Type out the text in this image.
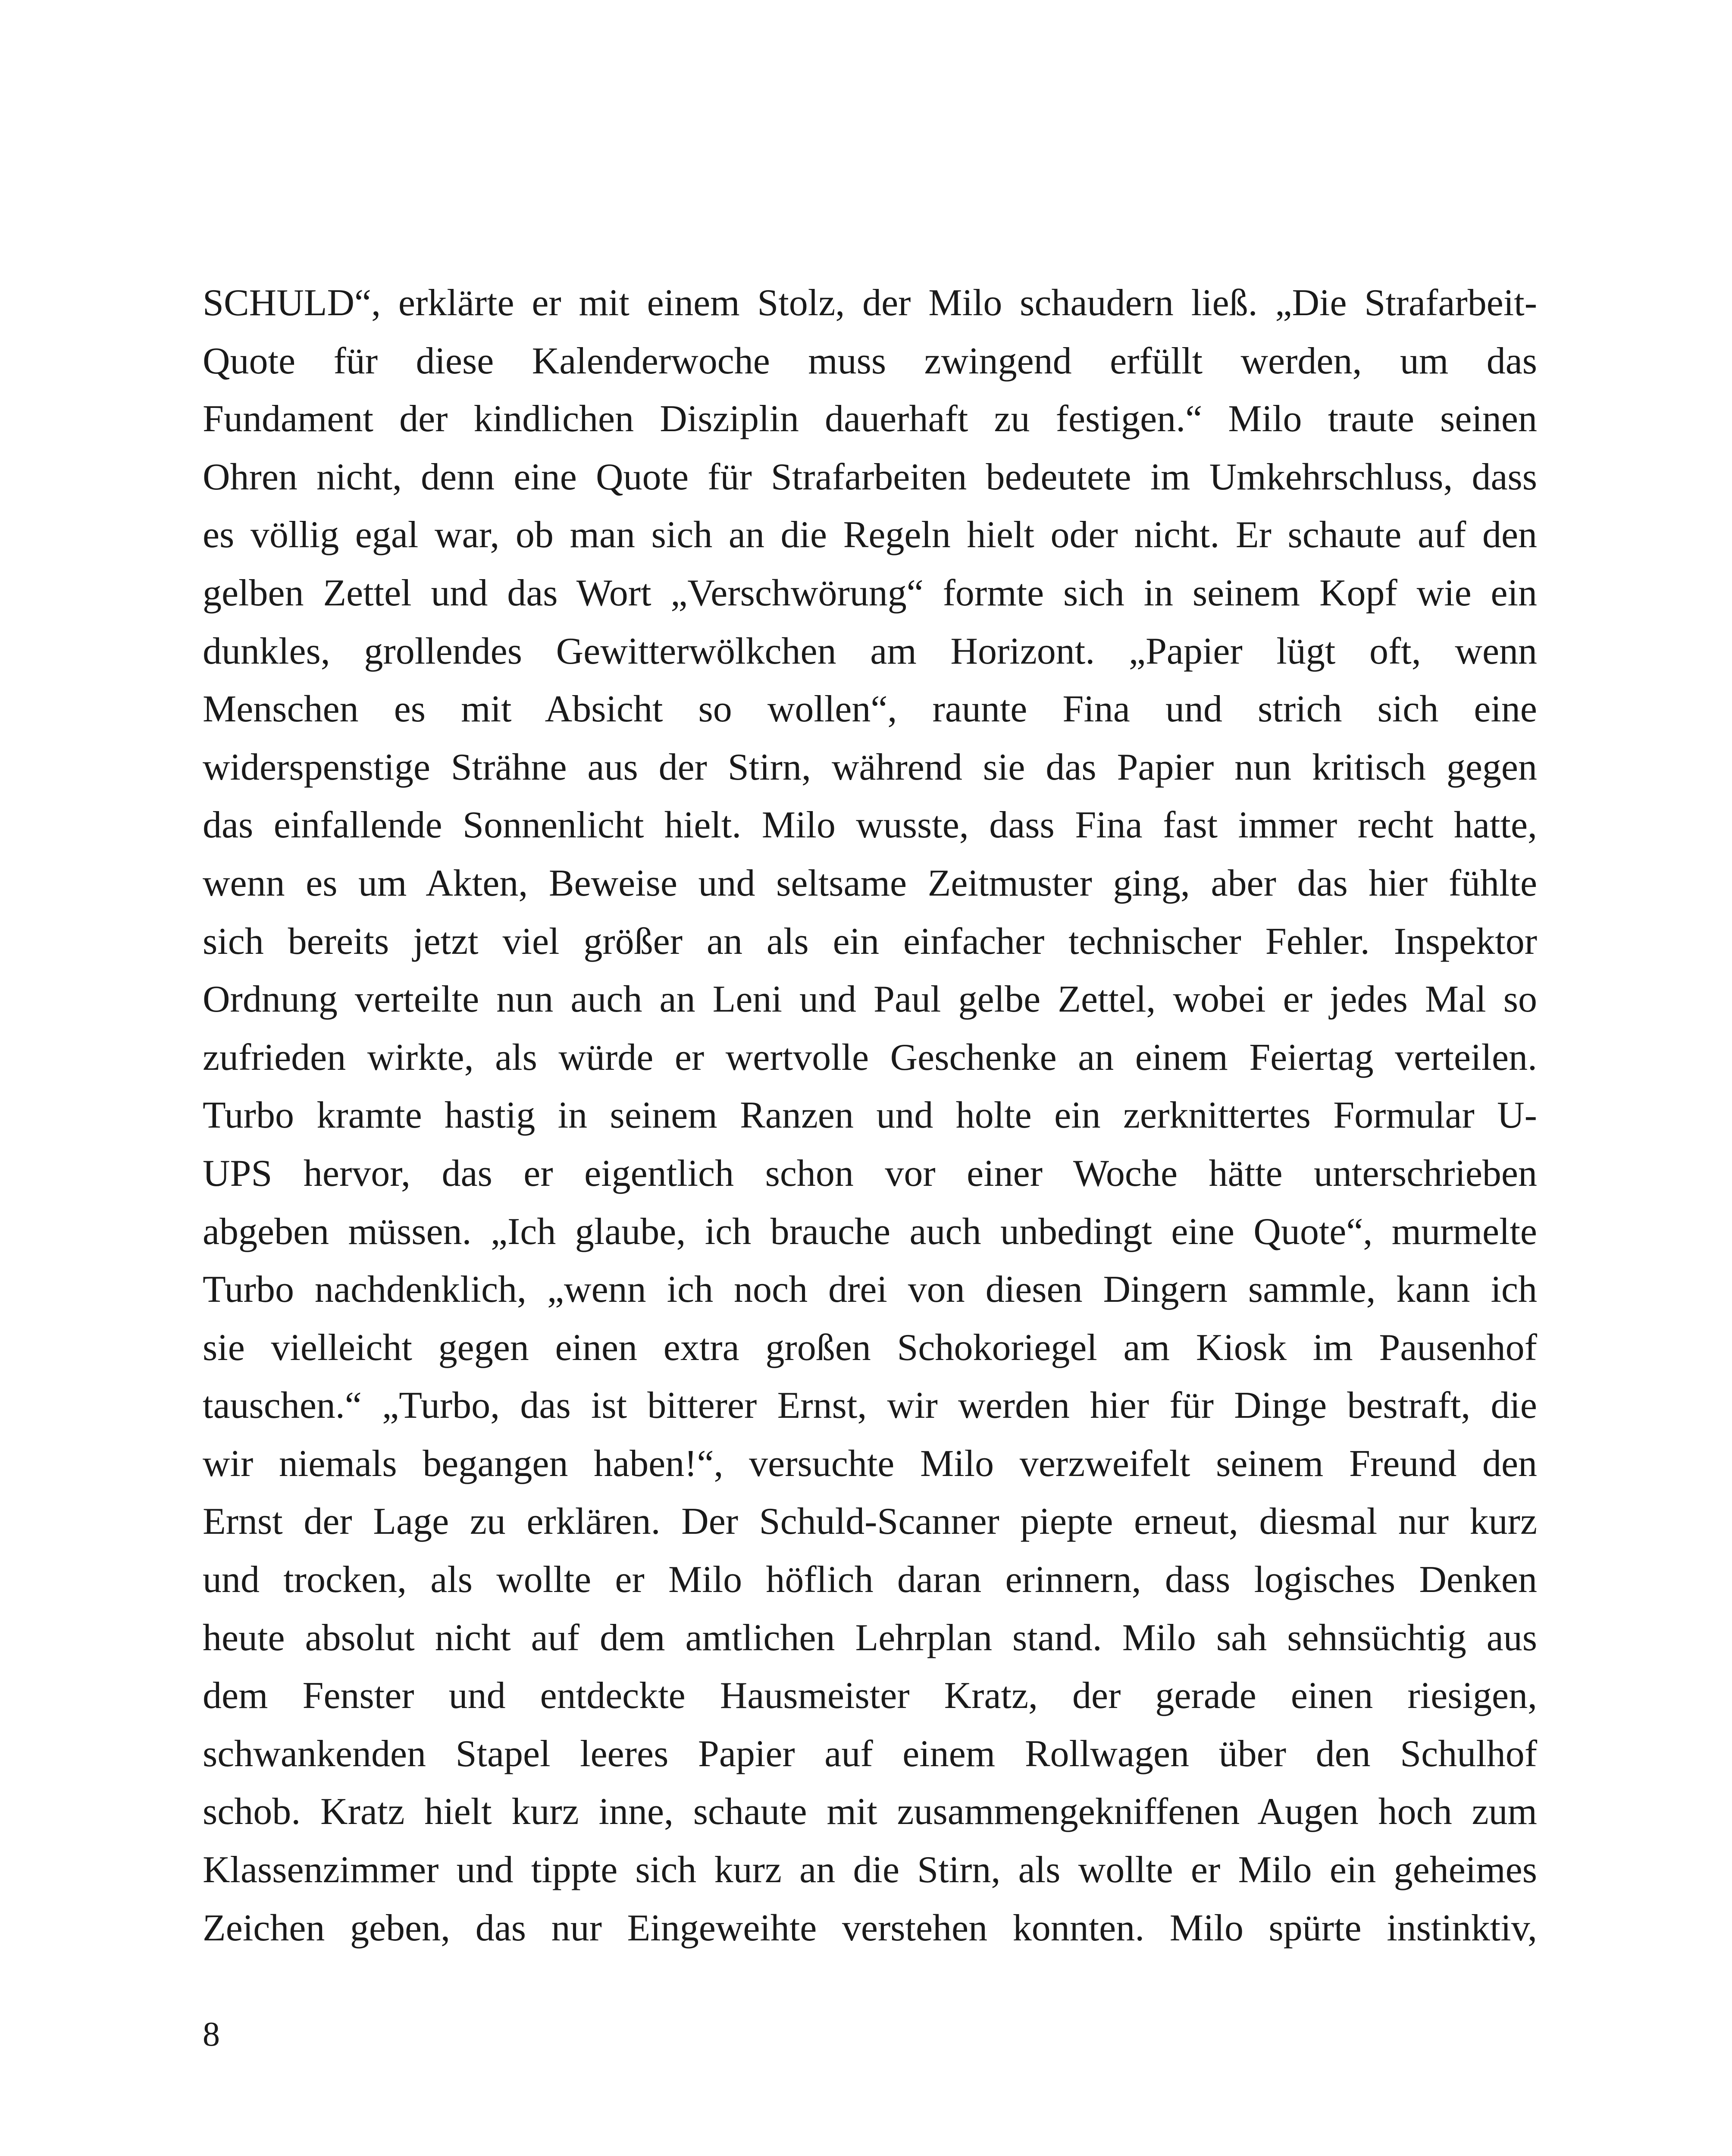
SCHULD“, erklärte er mit einem Stolz, der Milo schaudern ließ. „Die Strafarbeit-
Quote für diese Kalenderwoche muss zwingend erfüllt werden, um das
Fundament der kindlichen Disziplin dauerhaft zu festigen.“ Milo traute seinen
Ohren nicht, denn eine Quote für Strafarbeiten bedeutete im Umkehrschluss, dass
es völlig egal war, ob man sich an die Regeln hielt oder nicht. Er schaute auf den
gelben Zettel und das Wort „Verschwörung“ formte sich in seinem Kopf wie ein
dunkles, grollendes Gewitterwölkchen am Horizont. „Papier lügt oft, wenn
Menschen es mit Absicht so wollen“, raunte Fina und strich sich eine
widerspenstige Strähne aus der Stirn, während sie das Papier nun kritisch gegen
das einfallende Sonnenlicht hielt. Milo wusste, dass Fina fast immer recht hatte,
wenn es um Akten, Beweise und seltsame Zeitmuster ging, aber das hier fühlte
sich bereits jetzt viel größer an als ein einfacher technischer Fehler. Inspektor
Ordnung verteilte nun auch an Leni und Paul gelbe Zettel, wobei er jedes Mal so
zufrieden wirkte, als würde er wertvolle Geschenke an einem Feiertag verteilen.
Turbo kramte hastig in seinem Ranzen und holte ein zerknittertes Formular U-
UPS hervor, das er eigentlich schon vor einer Woche hätte unterschrieben
abgeben müssen. „Ich glaube, ich brauche auch unbedingt eine Quote“, murmelte
Turbo nachdenklich, „wenn ich noch drei von diesen Dingern sammle, kann ich
sie vielleicht gegen einen extra großen Schokoriegel am Kiosk im Pausenhof
tauschen.“ „Turbo, das ist bitterer Ernst, wir werden hier für Dinge bestraft, die
wir niemals begangen haben!“, versuchte Milo verzweifelt seinem Freund den
Ernst der Lage zu erklären. Der Schuld-Scanner piepte erneut, diesmal nur kurz
und trocken, als wollte er Milo höflich daran erinnern, dass logisches Denken
heute absolut nicht auf dem amtlichen Lehrplan stand. Milo sah sehnsüchtig aus
dem Fenster und entdeckte Hausmeister Kratz, der gerade einen riesigen,
schwankenden Stapel leeres Papier auf einem Rollwagen über den Schulhof
schob. Kratz hielt kurz inne, schaute mit zusammengekniffenen Augen hoch zum
Klassenzimmer und tippte sich kurz an die Stirn, als wollte er Milo ein geheimes
Zeichen geben, das nur Eingeweihte verstehen konnten. Milo spürte instinktiv,
8
